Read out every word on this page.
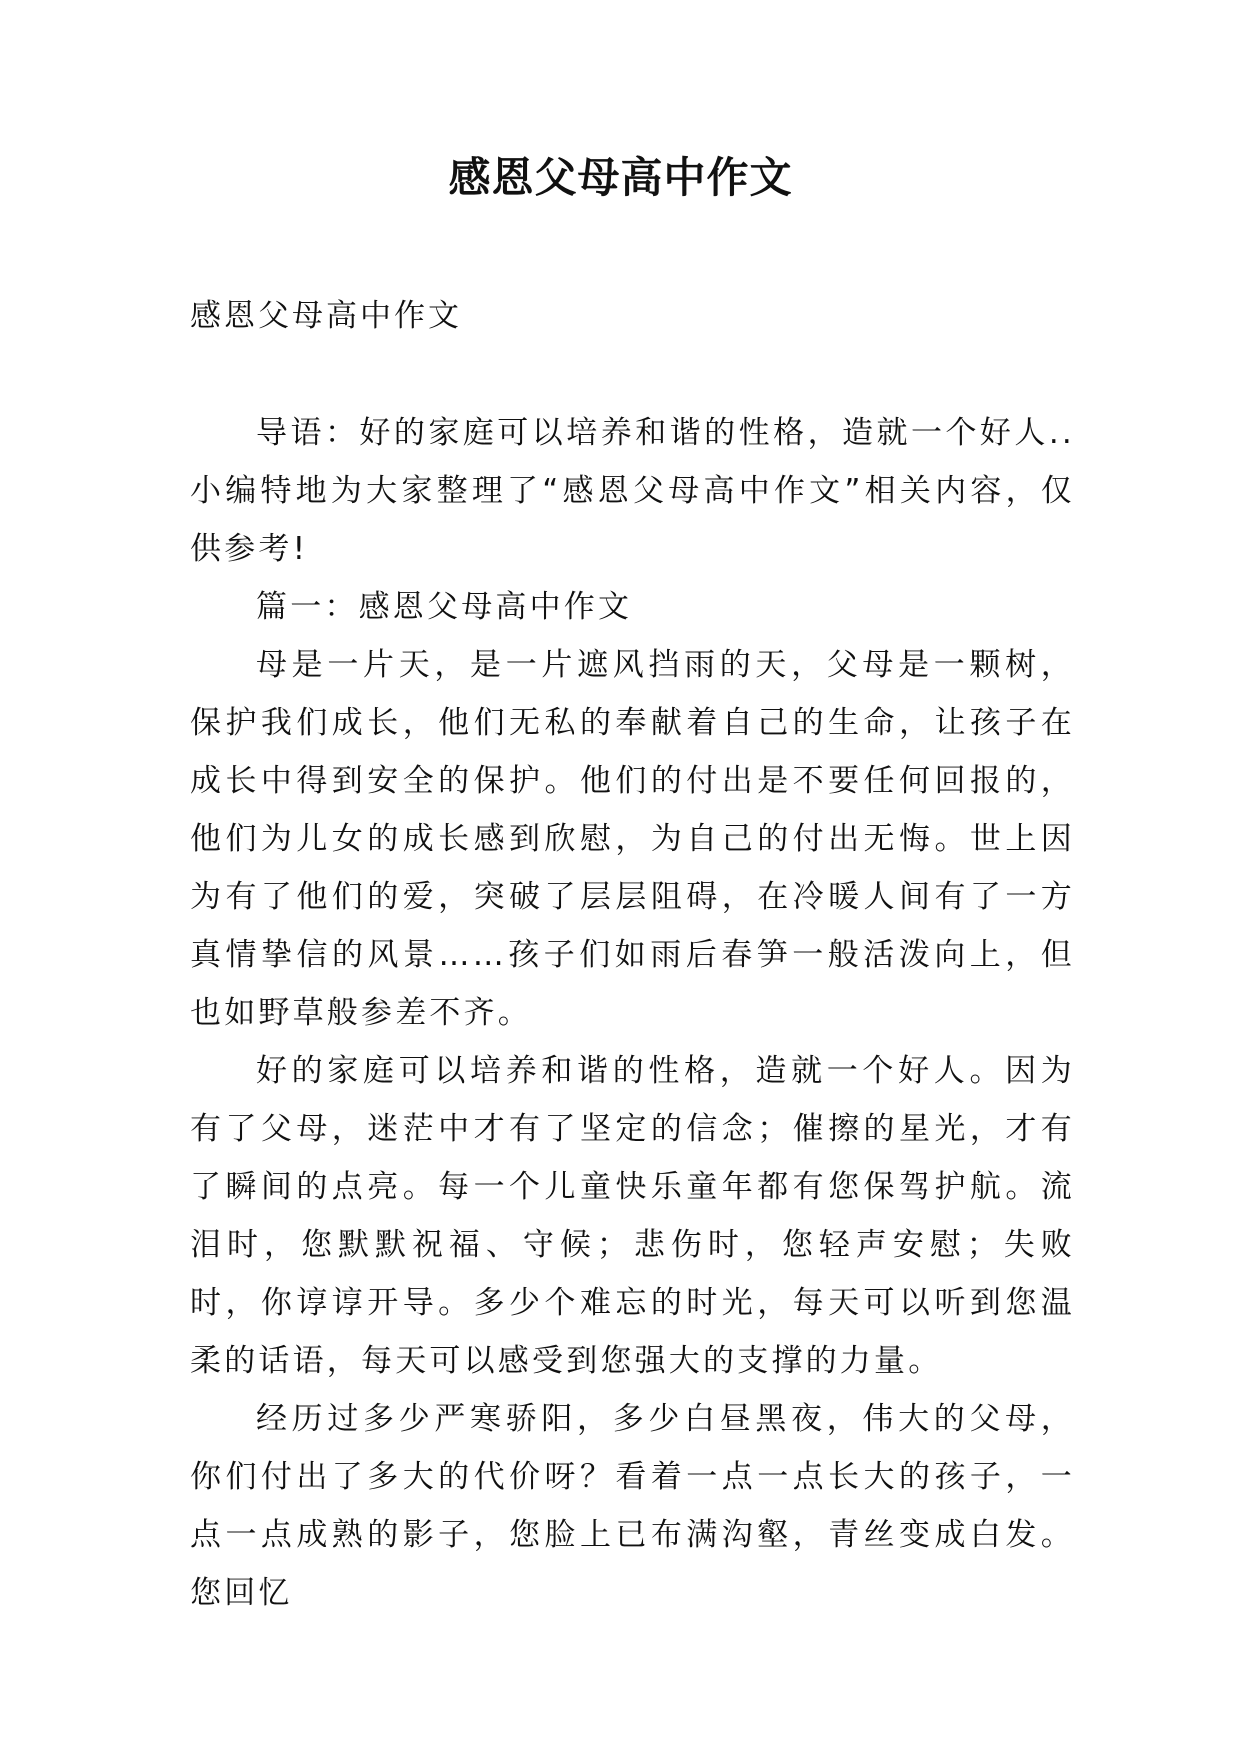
感恩父母高中作文

感恩父母高中作文

导语：好的家庭可以培养和谐的性格，造就一个好人..小编特地为大家整理了“感恩父母高中作文”相关内容，仅供参考!

篇一：感恩父母高中作文

母是一片天，是一片遮风挡雨的天，父母是一颗树，保护我们成长，他们无私的奉献着自己的生命，让孩子在成长中得到安全的保护。他们的付出是不要任何回报的，他们为儿女的成长感到欣慰，为自己的付出无悔。世上因为有了他们的爱，突破了层层阻碍，在冷暖人间有了一方真情挚信的风景……孩子们如雨后春笋一般活泼向上，但也如野草般参差不齐。

好的家庭可以培养和谐的性格，造就一个好人。因为有了父母，迷茫中才有了坚定的信念；催擦的星光，才有了瞬间的点亮。每一个儿童快乐童年都有您保驾护航。流泪时，您默默祝福、守候；悲伤时，您轻声安慰；失败时，你谆谆开导。多少个难忘的时光，每天可以听到您温柔的话语，每天可以感受到您强大的支撑的力量。

经历过多少严寒骄阳，多少白昼黑夜，伟大的父母，你们付出了多大的代价呀？看着一点一点长大的孩子，一点一点成熟的影子，您脸上已布满沟壑，青丝变成白发。您回忆
